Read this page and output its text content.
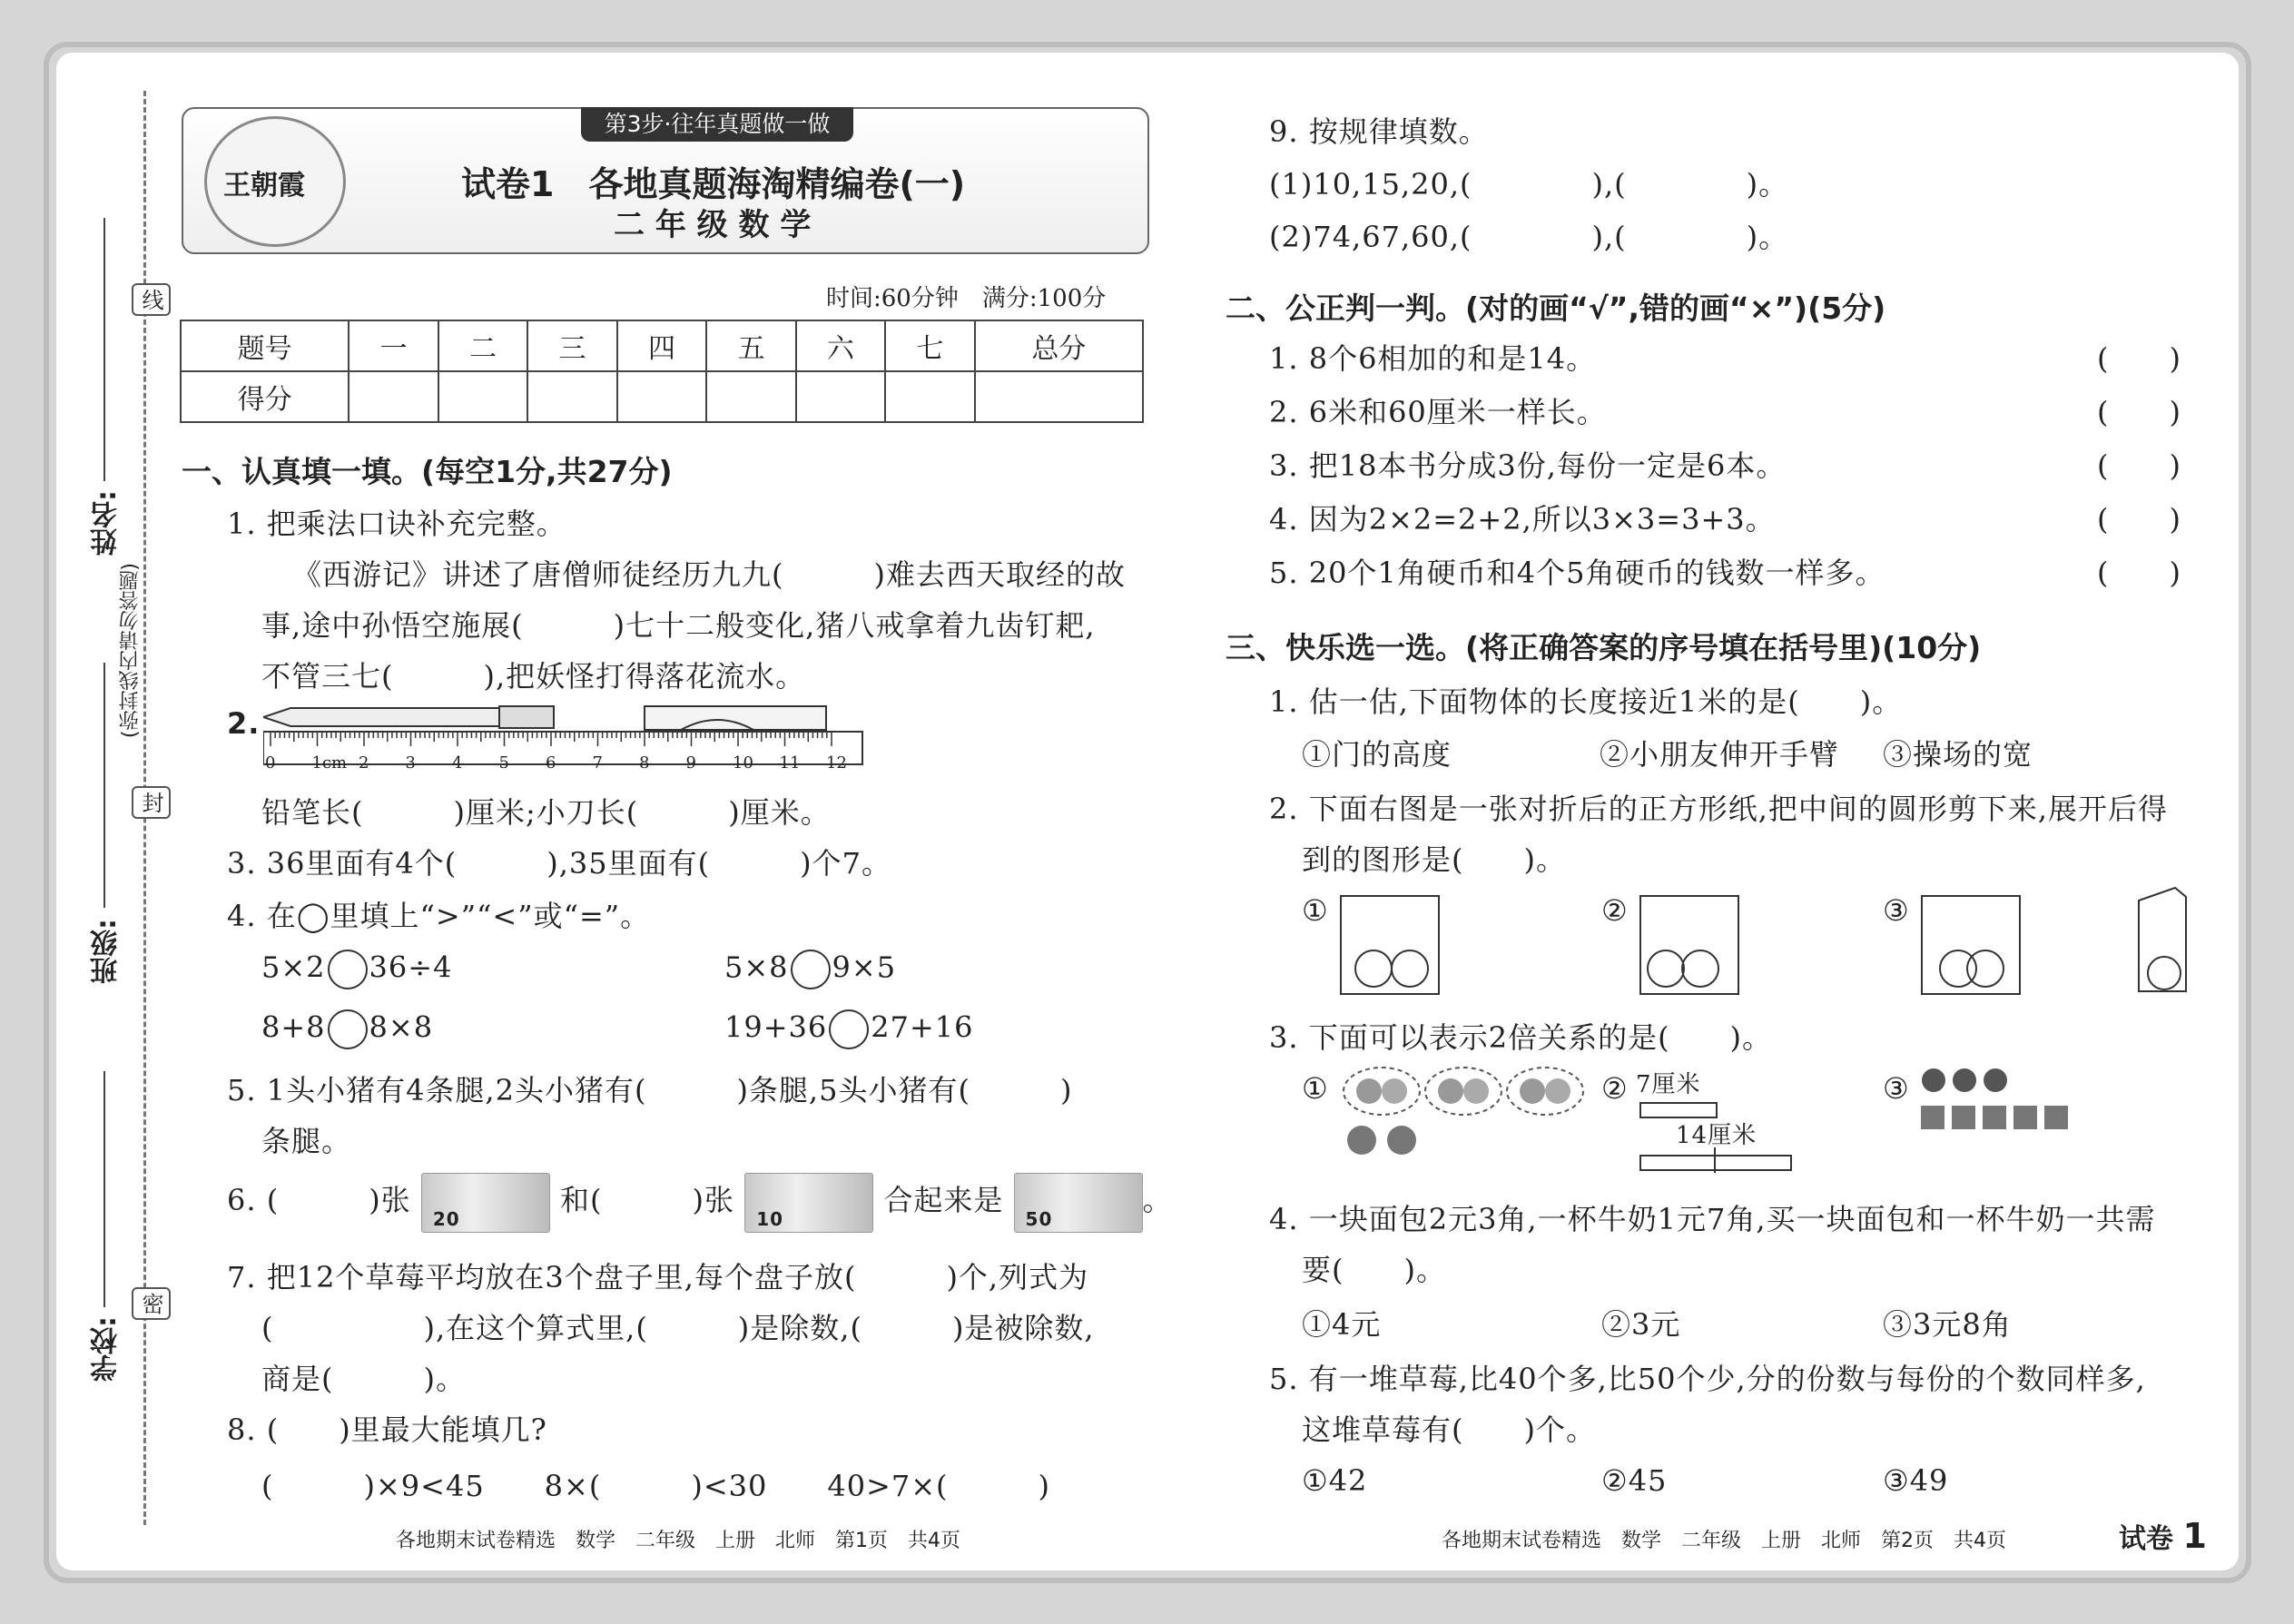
线
封
密
学校:
班级:
姓名:
(弥封线内请勿答题)
王朝霞
第3步·往年真题做一做
试卷1　各地真题海淘精编卷(一)
二 年 级 数 学
时间:60分钟　满分:100分
题号	一	二	三	四	五	六	七	总分
得分								
一、认真填一填。(每空1分,共27分)
1. 把乘法口诀补充完整。
《西游记》讲述了唐僧师徒经历九九(　　　)难去西天取经的故
事,途中孙悟空施展(　　　)七十二般变化,猪八戒拿着九齿钉耙,
不管三七(　　　),把妖怪打得落花流水。
2.
0 1cm 2 3 4 5 6 7 8 9 10 11 12
铅笔长(　　　)厘米;小刀长(　　　)厘米。
3. 36里面有4个(　　　),35里面有(　　　)个7。
4. 在◯里填上“>”“<”或“=”。
5×2 36÷4	5×8 9×5
8+8 8×8	19+36 27+16
5. 1头小猪有4条腿,2头小猪有(　　　)条腿,5头小猪有(　　　)
条腿。
6. (　　　)张
20
和(　　　)张
10
合起来是
50
。
7. 把12个草莓平均放在3个盘子里,每个盘子放(　　　)个,列式为
(　　　　　),在这个算式里,(　　　)是除数,(　　　)是被除数,
商是(　　　)。
8. (　　)里最大能填几?
(　　　)×9<45　　8×(　　　)<30　　40>7×(　　　)
各地期末试卷精选　数学　二年级　上册　北师　第1页　共4页
9. 按规律填数。
(1)10,15,20,(　　　　),(　　　　)。
(2)74,67,60,(　　　　),(　　　　)。
二、公正判一判。(对的画“√”,错的画“×”)(5分)
1. 8个6相加的和是14。	(　　)
2. 6米和60厘米一样长。	(　　)
3. 把18本书分成3份,每份一定是6本。	(　　)
4. 因为2×2=2+2,所以3×3=3+3。	(　　)
5. 20个1角硬币和4个5角硬币的钱数一样多。	(　　)
三、快乐选一选。(将正确答案的序号填在括号里)(10分)
1. 估一估,下面物体的长度接近1米的是(　　)。
①门的高度	②小朋友伸开手臂 ③操场的宽
2. 下面右图是一张对折后的正方形纸,把中间的圆形剪下来,展开后得
到的图形是(　　)。
①	②	③
3. 下面可以表示2倍关系的是(　　)。
①	② 7厘米
14厘米
③
4. 一块面包2元3角,一杯牛奶1元7角,买一块面包和一杯牛奶一共需
要(　　)。
①4元	②3元	③3元8角
5. 有一堆草莓,比40个多,比50个少,分的份数与每份的个数同样多,
这堆草莓有(　　)个。
①42	②45	③49
各地期末试卷精选　数学　二年级　上册　北师　第2页　共4页	试卷 1
